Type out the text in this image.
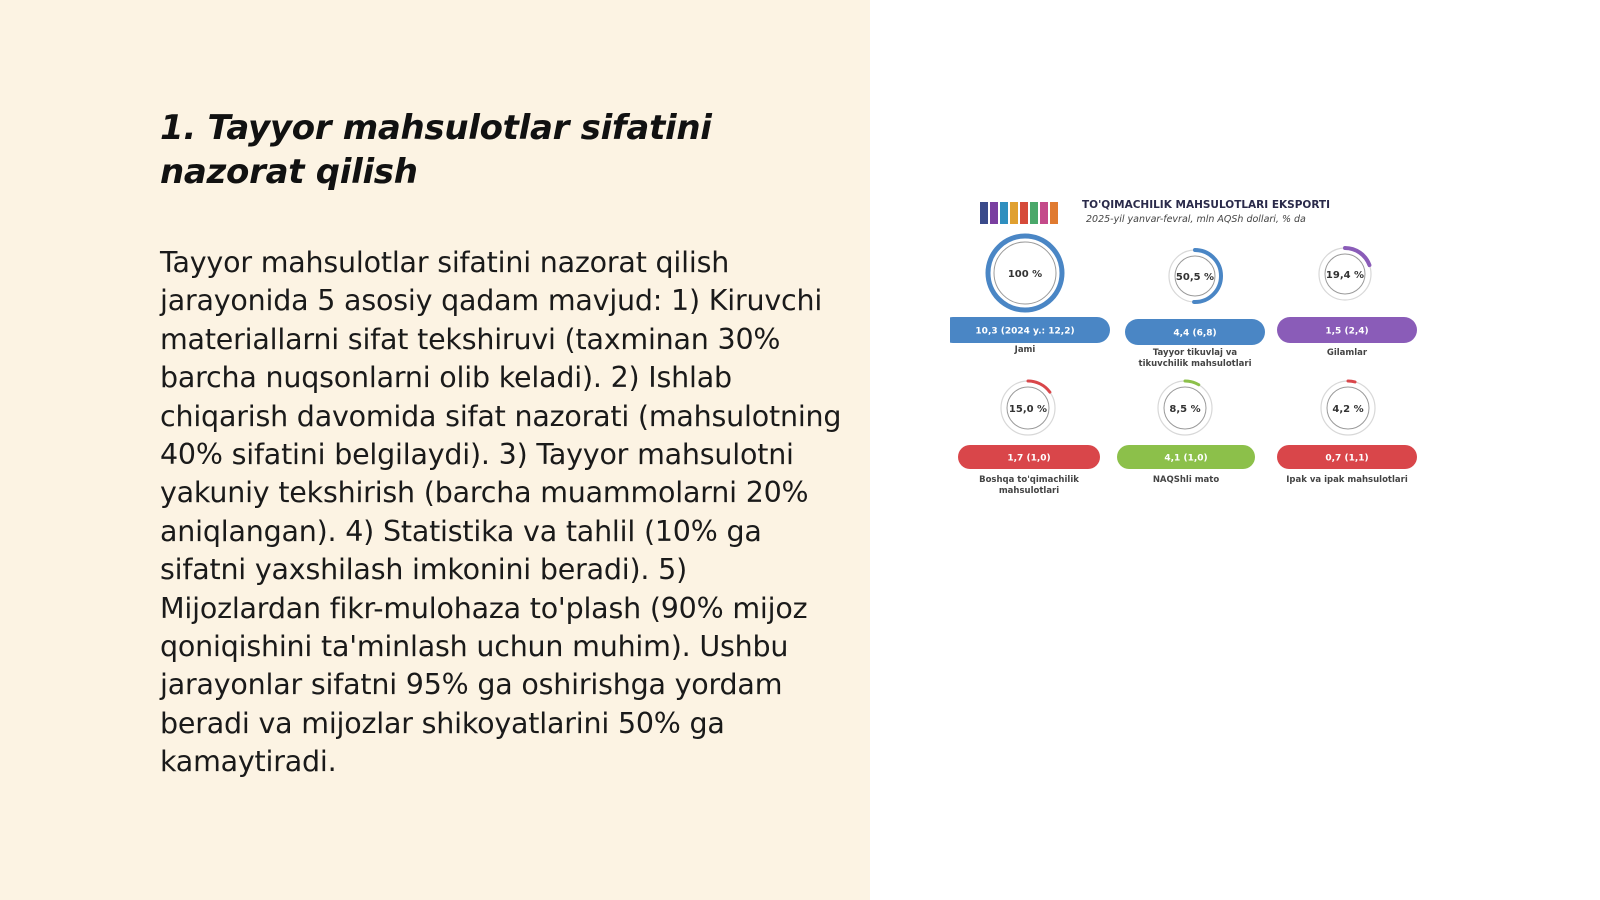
1. Tayyor mahsulotlar sifatini nazorat qilish

Tayyor mahsulotlar sifatini nazorat qilish jarayonida 5 asosiy qadam mavjud: 1) Kiruvchi materiallarni sifat tekshiruvi (taxminan 30% barcha nuqsonlarni olib keladi). 2) Ishlab chiqarish davomida sifat nazorati (mahsulotning 40% sifatini belgilaydi). 3) Tayyor mahsulotni yakuniy tekshirish (barcha muammolarni 20% aniqlangan). 4) Statistika va tahlil (10% ga sifatni yaxshilash imkonini beradi). 5) Mijozlardan fikr-mulohaza to'plash (90% mijoz qoniqishini ta'minlash uchun muhim). Ushbu jarayonlar sifatni 95% ga oshirishga yordam beradi va mijozlar shikoyatlarini 50% ga kamaytiradi.

TO'QIMACHILIK MAHSULOTLARI EKSPORTI
2025-yil yanvar-fevral, mln AQSh dollari, % da
100 %
10,3 (2024 y.: 12,2)
Jami
50,5 %
4,4 (6,8)
Tayyor tikuvlaj va
tikuvchilik mahsulotlari
19,4 %
1,5 (2,4)
Gilamlar
15,0 %
1,7 (1,0)
Boshqa to'qimachilik
mahsulotlari
8,5 %
4,1 (1,0)
NAQShli mato
4,2 %
0,7 (1,1)
Ipak va ipak mahsulotlari
